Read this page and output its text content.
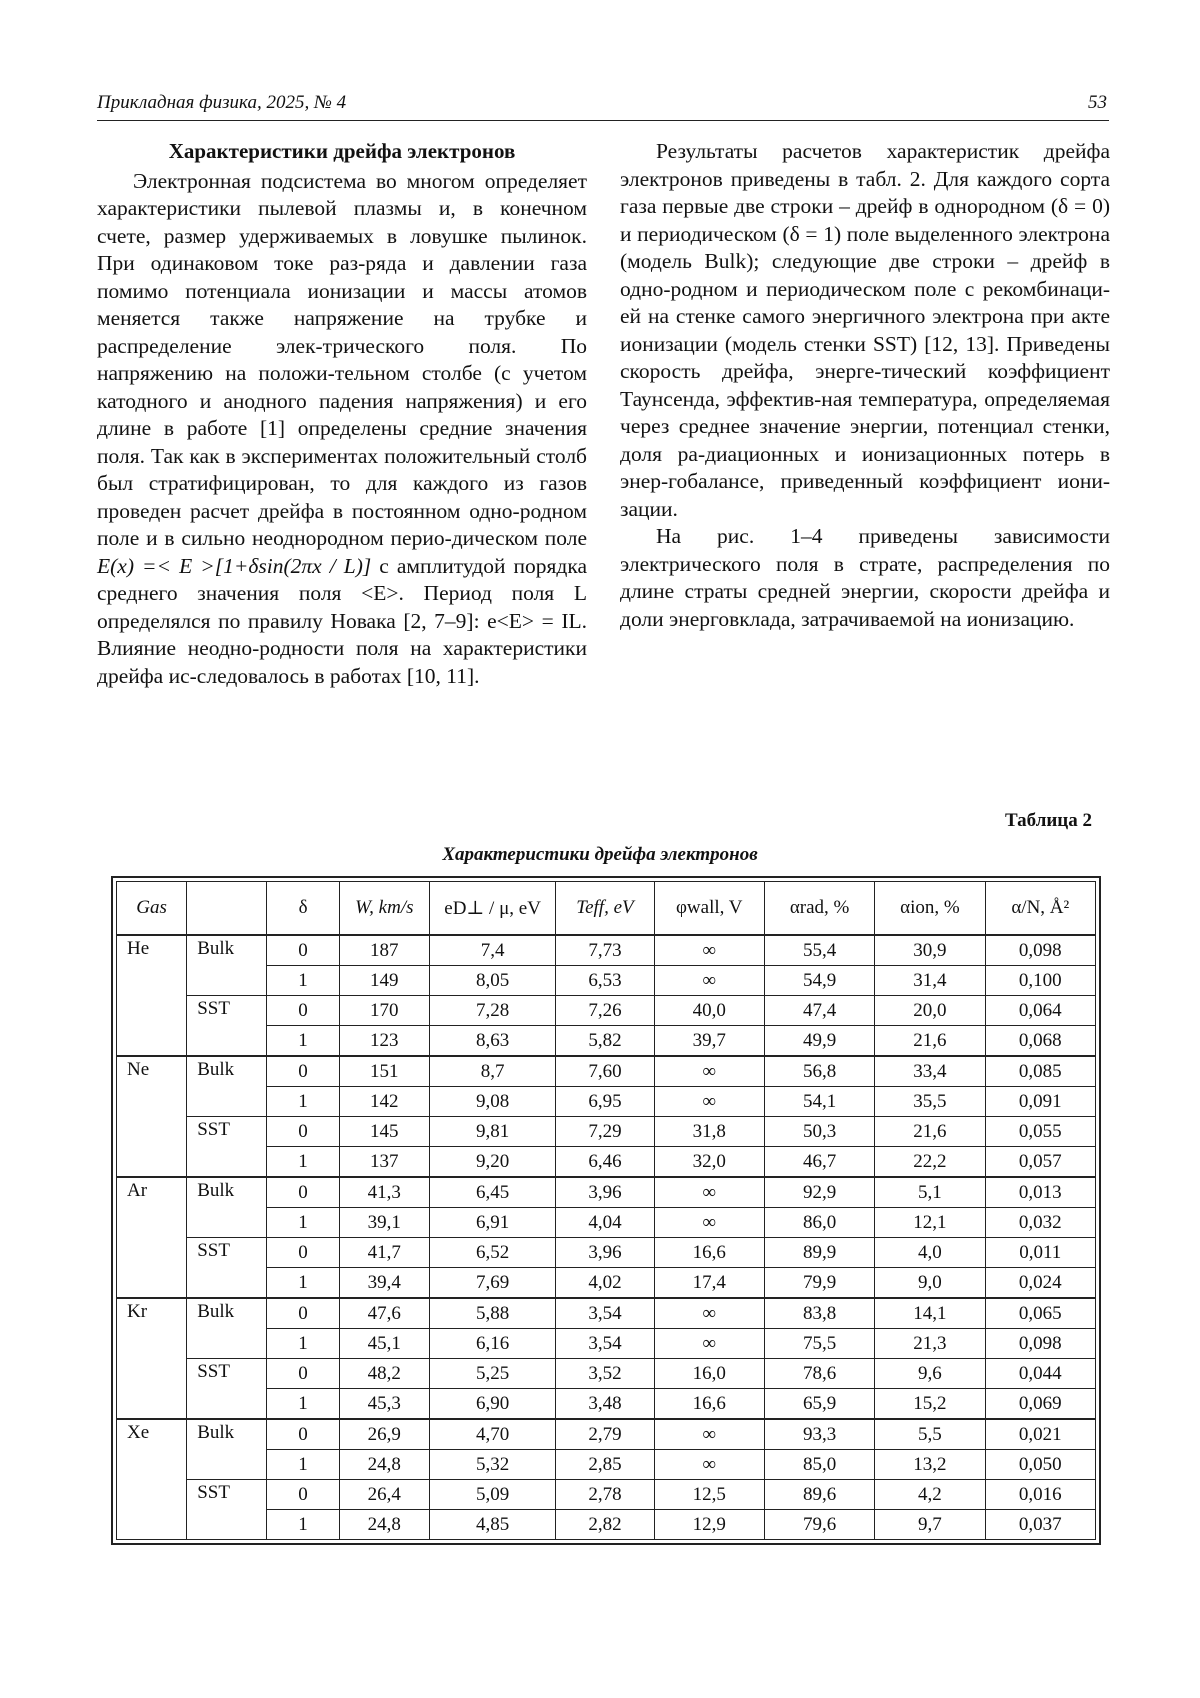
Прикладная физика, 2025, № 4	53
Характеристики дрейфа электронов

Электронная подсистема во многом определяет характеристики пылевой плазмы и, в конечном счете, размер удерживаемых в ловушке пылинок. При одинаковом токе раз-ряда и давлении газа помимо потенциала ионизации и массы атомов меняется также напряжение на трубке и распределение элек-трического поля. По напряжению на положи-тельном столбе (с учетом катодного и анодного падения напряжения) и его длине в работе [1] определены средние значения поля. Так как в экспериментах положительный столб был стратифицирован, то для каждого из газов проведен расчет дрейфа в постоянном одно-родном поле и в сильно неоднородном перио-дическом поле E(x) =< E >[1+δsin(2πx / L)] с амплитудой порядка среднего значения поля <E>. Период поля L определялся по правилу Новака [2, 7–9]: e<E> = IL. Влияние неодно-родности поля на характеристики дрейфа ис-следовалось в работах [10, 11].

Результаты расчетов характеристик дрейфа электронов приведены в табл. 2. Для каждого сорта газа первые две строки – дрейф в однородном (δ = 0) и периодическом (δ = 1) поле выделенного электрона (модель Bulk); следующие две строки – дрейф в одно-родном и периодическом поле с рекомбинаци-ей на стенке самого энергичного электрона при акте ионизации (модель стенки SST) [12, 13]. Приведены скорость дрейфа, энерге-тический коэффициент Таунсенда, эффектив-ная температура, определяемая через среднее значение энергии, потенциал стенки, доля ра-диационных и ионизационных потерь в энер-гобалансе, приведенный коэффициент иони-зации.

На рис. 1–4 приведены зависимости электрического поля в страте, распределения по длине страты средней энергии, скорости дрейфа и доли энерговклада, затрачиваемой на ионизацию.

Таблица 2
Характеристики дрейфа электронов
Gas		δ	W, km/s	eD⊥ / μ, eV	Teff, eV	φwall, V	αrad, %	αion, %	α/N, Å²
He	Bulk	0	187	7,4	7,73	∞	55,4	30,9	0,098
		1	149	8,05	6,53	∞	54,9	31,4	0,100
	SST	0	170	7,28	7,26	40,0	47,4	20,0	0,064
		1	123	8,63	5,82	39,7	49,9	21,6	0,068
Ne	Bulk	0	151	8,7	7,60	∞	56,8	33,4	0,085
		1	142	9,08	6,95	∞	54,1	35,5	0,091
	SST	0	145	9,81	7,29	31,8	50,3	21,6	0,055
		1	137	9,20	6,46	32,0	46,7	22,2	0,057
Ar	Bulk	0	41,3	6,45	3,96	∞	92,9	5,1	0,013
		1	39,1	6,91	4,04	∞	86,0	12,1	0,032
	SST	0	41,7	6,52	3,96	16,6	89,9	4,0	0,011
		1	39,4	7,69	4,02	17,4	79,9	9,0	0,024
Kr	Bulk	0	47,6	5,88	3,54	∞	83,8	14,1	0,065
		1	45,1	6,16	3,54	∞	75,5	21,3	0,098
	SST	0	48,2	5,25	3,52	16,0	78,6	9,6	0,044
		1	45,3	6,90	3,48	16,6	65,9	15,2	0,069
Xe	Bulk	0	26,9	4,70	2,79	∞	93,3	5,5	0,021
		1	24,8	5,32	2,85	∞	85,0	13,2	0,050
	SST	0	26,4	5,09	2,78	12,5	89,6	4,2	0,016
		1	24,8	4,85	2,82	12,9	79,6	9,7	0,037
